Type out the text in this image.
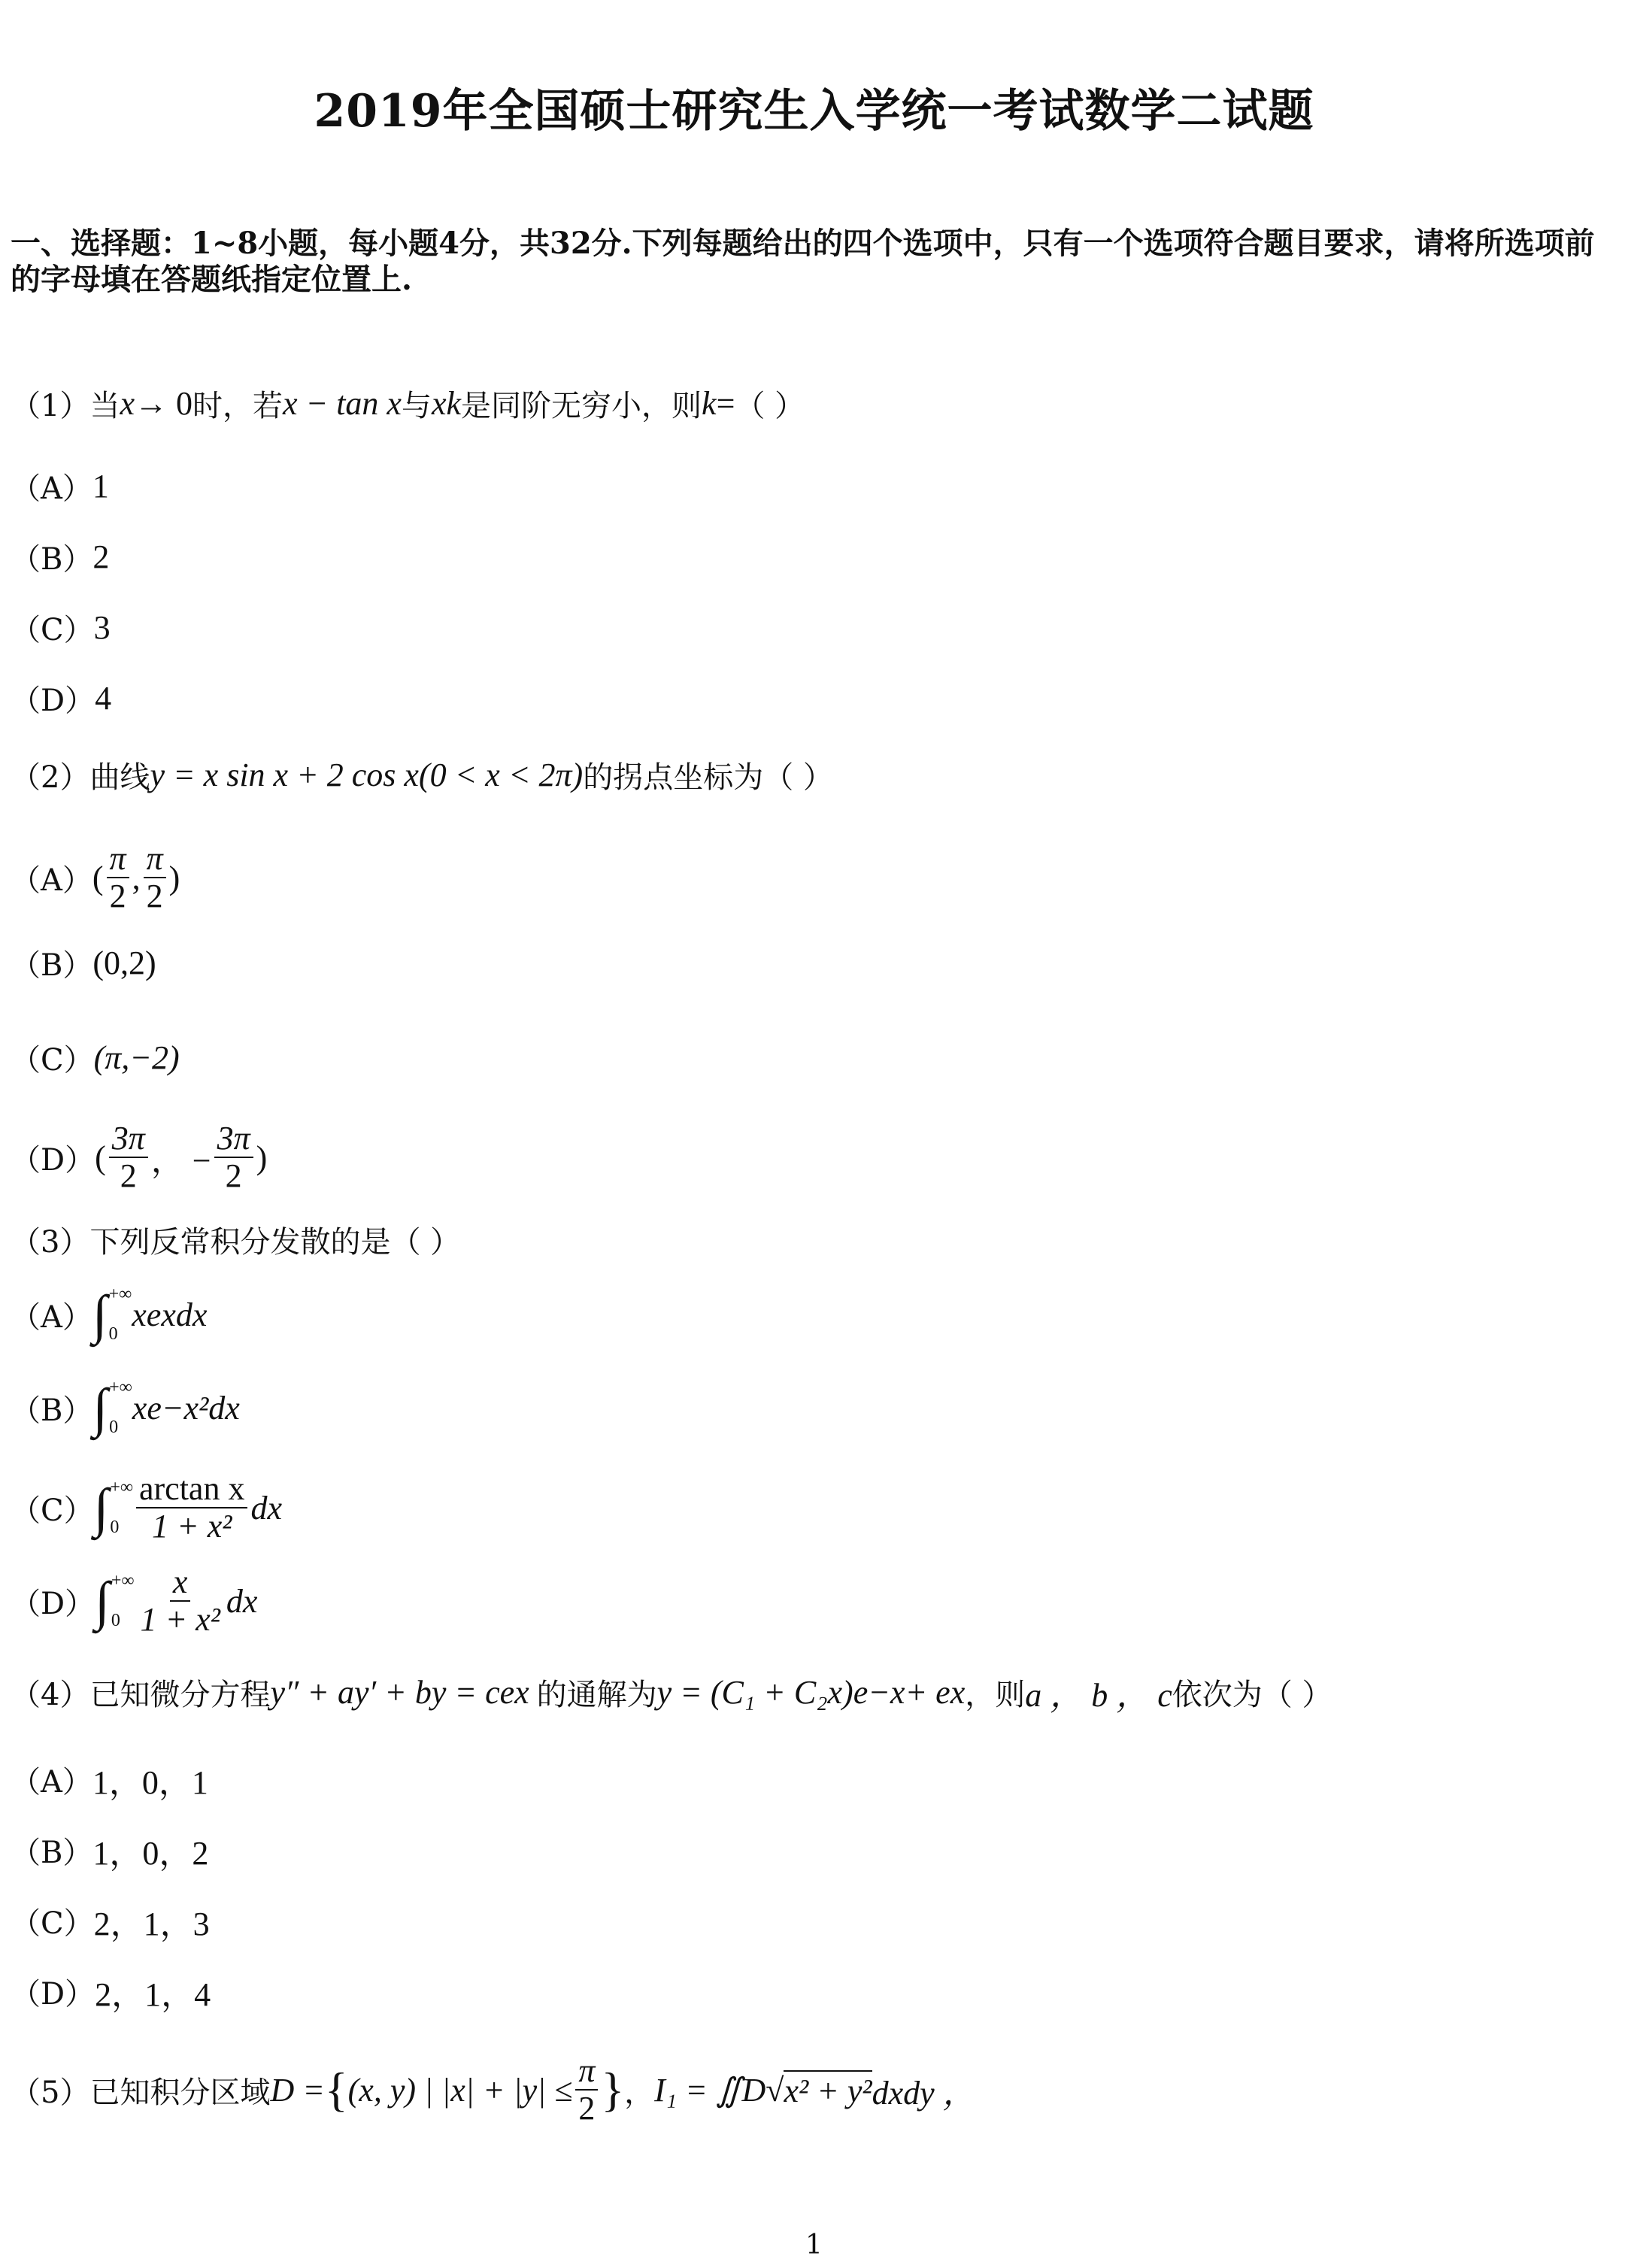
2019年全国硕士研究生入学统一考试数学二试题
一、选择题：1~8小题，每小题4分，共32分.下列每题给出的四个选项中，只有一个选项符合题目要求，请将所选项前的字母填在答题纸指定位置上.
（1） 当 x → 0 时，若 x − tan x 与 x k 是同阶无穷小，则 k = （ ）
（A） 1
（B） 2
（C） 3
（D） 4
（2） 曲线 y = x sin x + 2 cos x (0 < x < 2π) 的拐点坐标为 （ ）
（A） ( $\frac{\pi}{2}$ , $\frac{\pi}{2}$ )
（B） (0,2)
（C） (π,−2)
（D） ( $\frac{3\pi}{2}$ ， − $\frac{3\pi}{2}$ )
（3） 下列反常积分发散的是 （ ）
（A） ∫ +∞
0
xe x dx
（B） ∫ +∞
0
xe −x² dx
（C） ∫ +∞
$0 \frac{\text{arctan x}}{\text{1 + x²}}$ dx
（D） ∫ +∞
$0 \frac{x}{\text{1 + x²}}$ dx
（4） 已知微分方程 y″ + ay′ + by = ce x 的通解为 y = (C₁ + C₂x)e −x + e x ，则 a ， b ， c 依次为 （ ）
（A） 1，0，1
（B） 1，0，2
（C） 2，1，3
（D） 2，1，4
（5） 已知积分区域 D = { (x, y) | $|x| + |y| \le \frac{\pi}{2}$ } ， I₁ = ∬ D √ x² + y² dxdy ，
1
